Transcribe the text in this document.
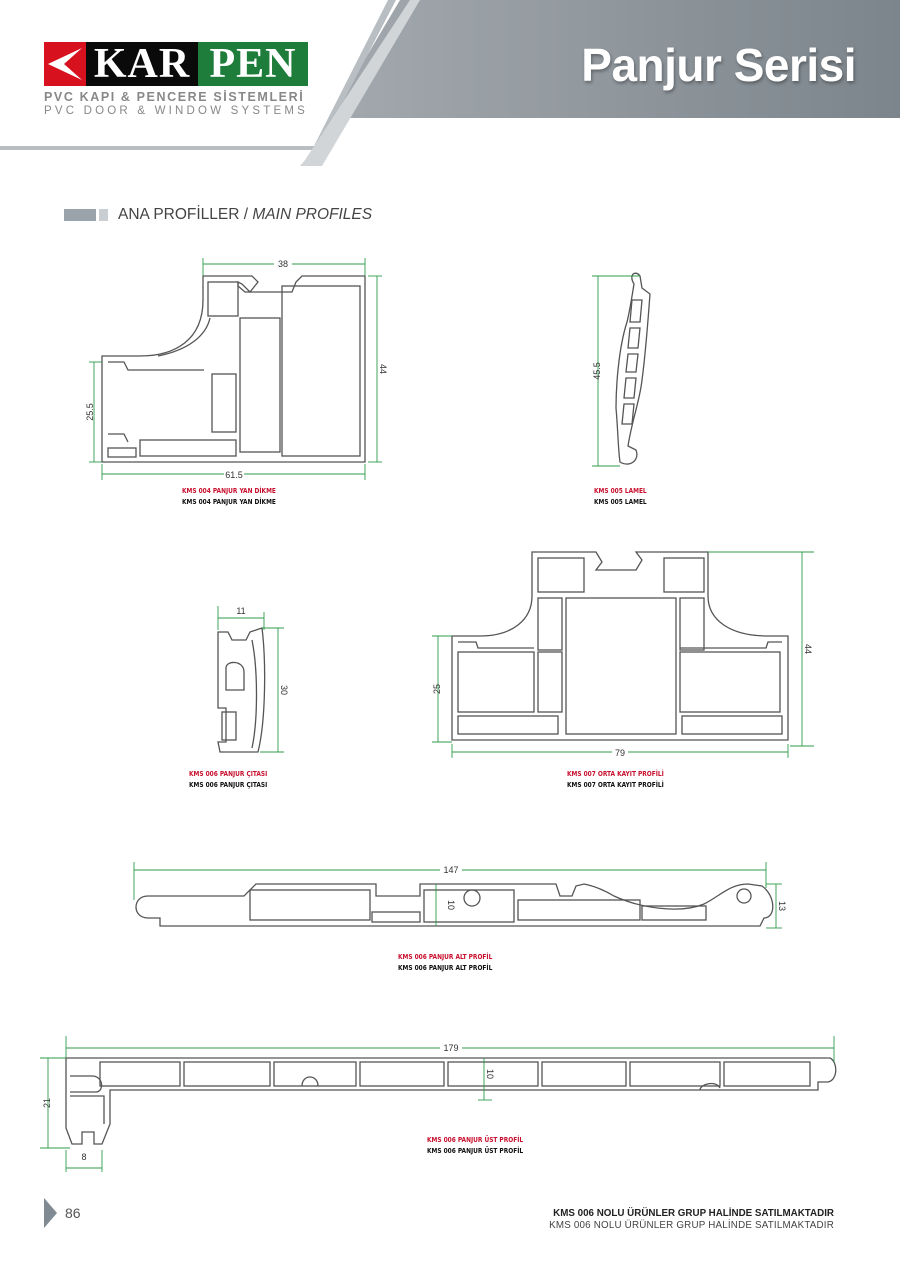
KAR PEN
PVC KAPI & PENCERE SİSTEMLERİ
PVC DOOR & WINDOW SYSTEMS
Panjur Serisi
ANA PROFİLLER / MAIN PROFILES
38
44
25.5
61.5
45.5
11
30
44
25
79
147
10	13
179
10
21
8
KMS 004 PANJUR YAN DİKME
KMS 004 PANJUR YAN DİKME
KMS 005 LAMEL
KMS 005 LAMEL
KMS 006 PANJUR ÇITASI
KMS 006 PANJUR ÇITASI
KMS 007 ORTA KAYIT PROFİLİ
KMS 007 ORTA KAYIT PROFİLİ
KMS 006 PANJUR ALT PROFİL
KMS 006 PANJUR ALT PROFİL
KMS 006 PANJUR ÜST PROFİL
KMS 006 PANJUR ÜST PROFİL
86	KMS 006 NOLU ÜRÜNLER GRUP HALİNDE SATILMAKTADIR
KMS 006 NOLU ÜRÜNLER GRUP HALİNDE SATILMAKTADIR
